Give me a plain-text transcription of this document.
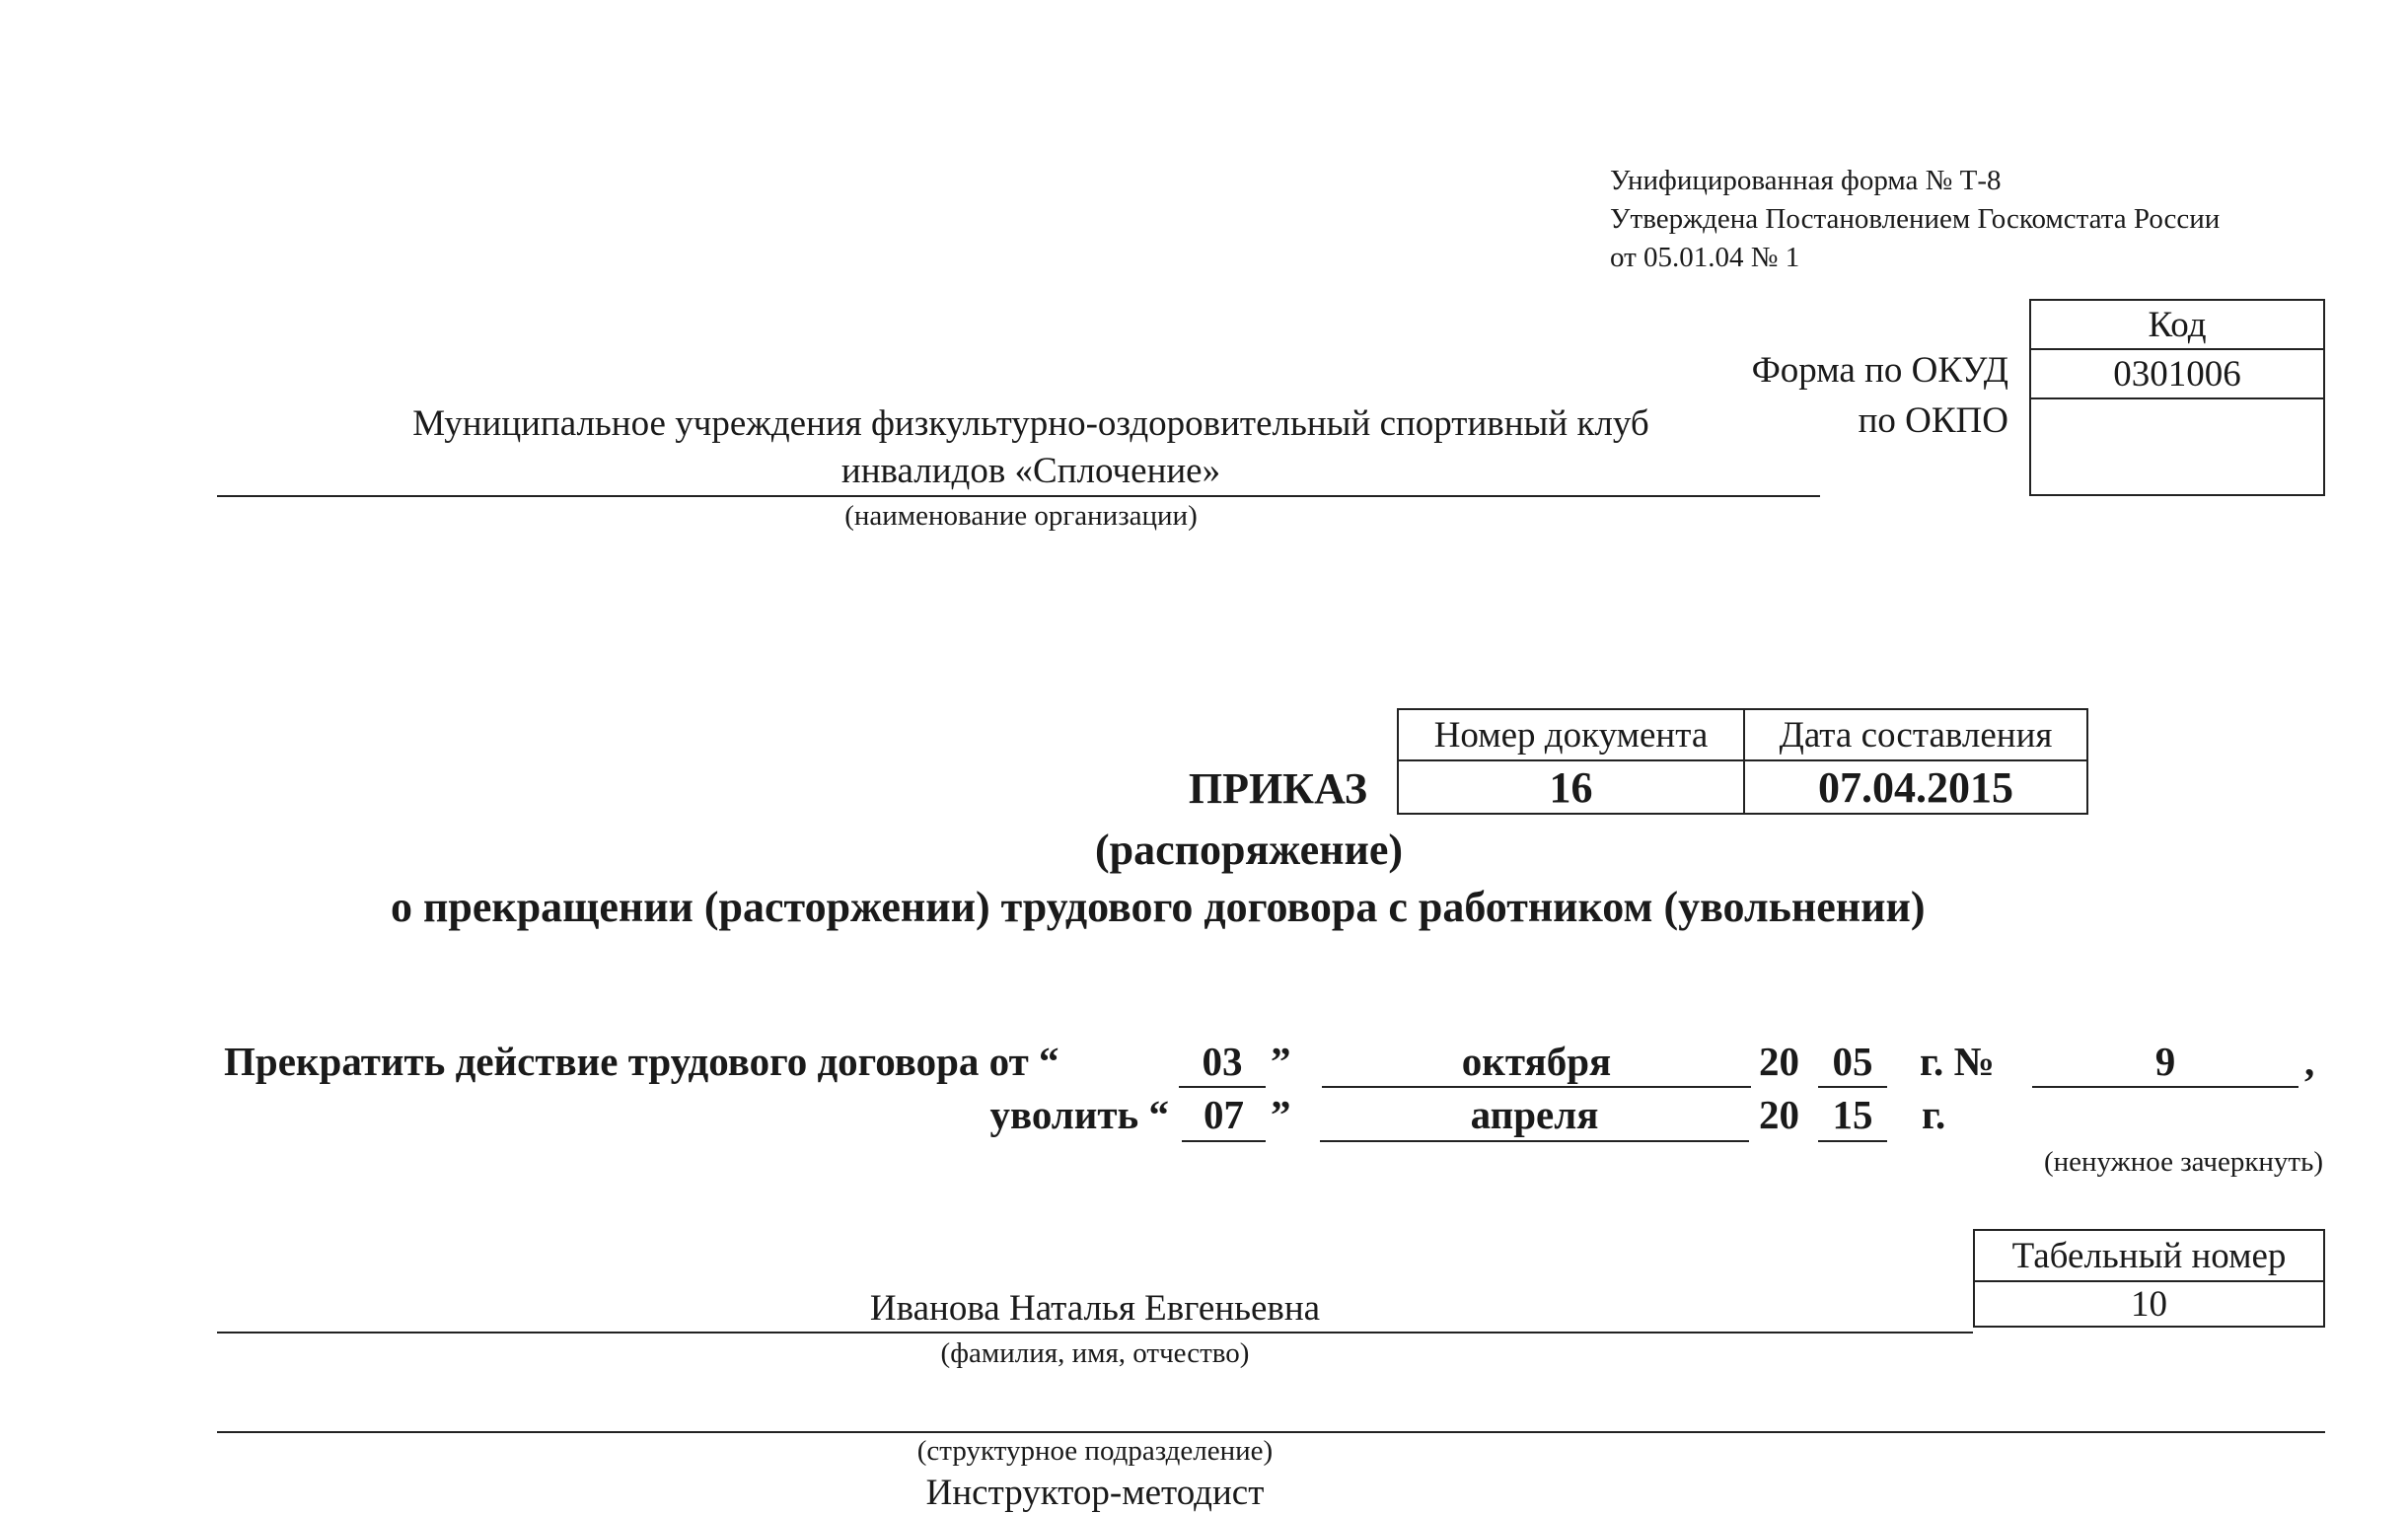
Унифицированная форма № Т-8
Утверждена Постановлением Госкомстата России
от 05.01.04 № 1
Код
0301006

Форма по ОКУД
по ОКПО
Муниципальное учреждения физкультурно-оздоровительный спортивный клуб
инвалидов «Сплочение»
(наименование организации)
Номер документа	Дата составления
16	07.04.2015
ПРИКАЗ
(распоряжение)
о прекращении (расторжении) трудового договора с работником (увольнении)
Прекратить действие трудового договора от “	03 ”	октября	20 05	г. №	9	,
уволить “ 07 ”	апреля	20 15	г.
(ненужное зачеркнуть)
Табельный номер
10
Иванова Наталья Евгеньевна
(фамилия, имя, отчество)
(структурное подразделение)
Инструктор-методист
